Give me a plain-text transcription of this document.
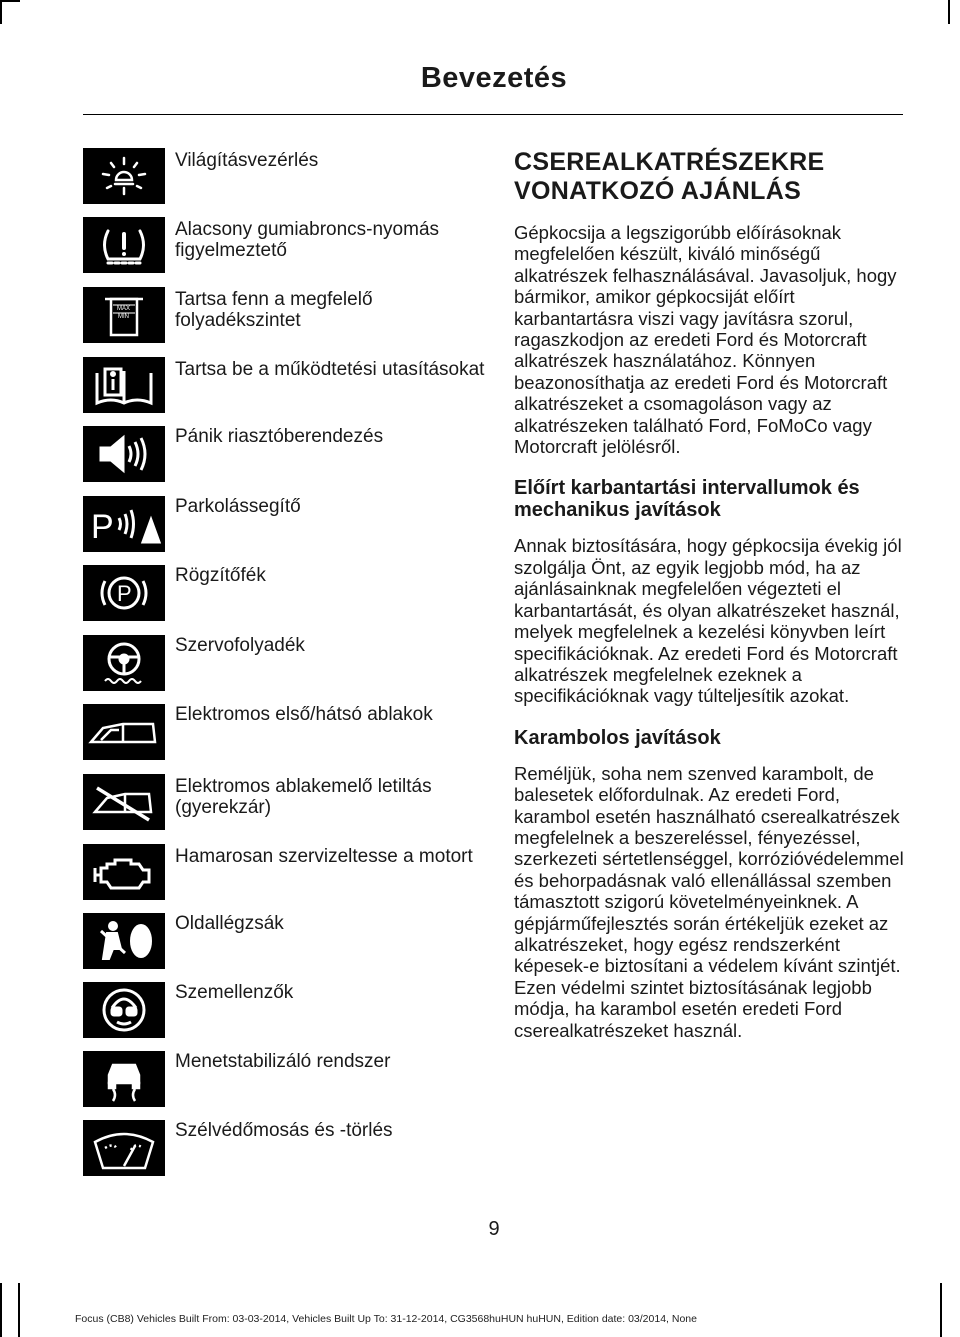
Bevezetés
Világításvezérlés
Alacsony gumiabroncs-nyomás figyelmeztető
MAX
MIN
Tartsa fenn a megfelelő folyadékszintet
Tartsa be a működtetési utasításokat
Pánik riasztóberendezés
P
Parkolássegítő
P
Rögzítőfék
Szervofolyadék
Elektromos első/hátsó ablakok
Elektromos ablakemelő letiltás (gyerekzár)
Hamarosan szervizeltesse a motort
Oldallégzsák
Szemellenzők
Menetstabilizáló rendszer
Szélvédőmosás és -törlés
CSEREALKATRÉSZEKRE VONATKOZÓ AJÁNLÁS
Gépkocsija a legszigorúbb előírásoknak megfelelően készült, kiváló minőségű alkatrészek felhasználásával. Javasoljuk, hogy bármikor, amikor gépkocsiját előírt karbantartásra viszi vagy javításra szorul, ragaszkodjon az eredeti Ford és Motorcraft alkatrészek használatához. Könnyen beazonosíthatja az eredeti Ford és Motorcraft alkatrészeket a csomagoláson vagy az alkatrészeken található Ford, FoMoCo vagy Motorcraft jelölésről.
Előírt karbantartási intervallumok és mechanikus javítások
Annak biztosítására, hogy gépkocsija évekig jól szolgálja Önt, az egyik legjobb mód, ha az ajánlásainknak megfelelően végezteti el karbantartását, és olyan alkatrészeket használ, melyek megfelelnek a kezelési könyvben leírt specifikációknak. Az eredeti Ford és Motorcraft alkatrészek megfelelnek ezeknek a specifikációknak vagy túlteljesítik azokat.
Karambolos javítások
Reméljük, soha nem szenved karambolt, de balesetek előfordulnak. Az eredeti Ford, karambol esetén használható cserealkatrészek megfelelnek a beszereléssel, fényezéssel, szerkezeti sértetlenséggel, korrózióvédelemmel és behorpadásnak való ellenállással szemben támasztott szigorú követelményeinknek. A gépjárműfejlesztés során értékeljük ezeket az alkatrészeket, hogy egész rendszerként képesek-e biztosítani a védelem kívánt szintjét. Ezen védelmi szintet biztosításának legjobb módja, ha karambol esetén eredeti Ford cserealkatrészeket használ.
9
Focus (CB8) Vehicles Built From: 03-03-2014, Vehicles Built Up To: 31-12-2014, CG3568huHUN huHUN, Edition date: 03/2014, None
